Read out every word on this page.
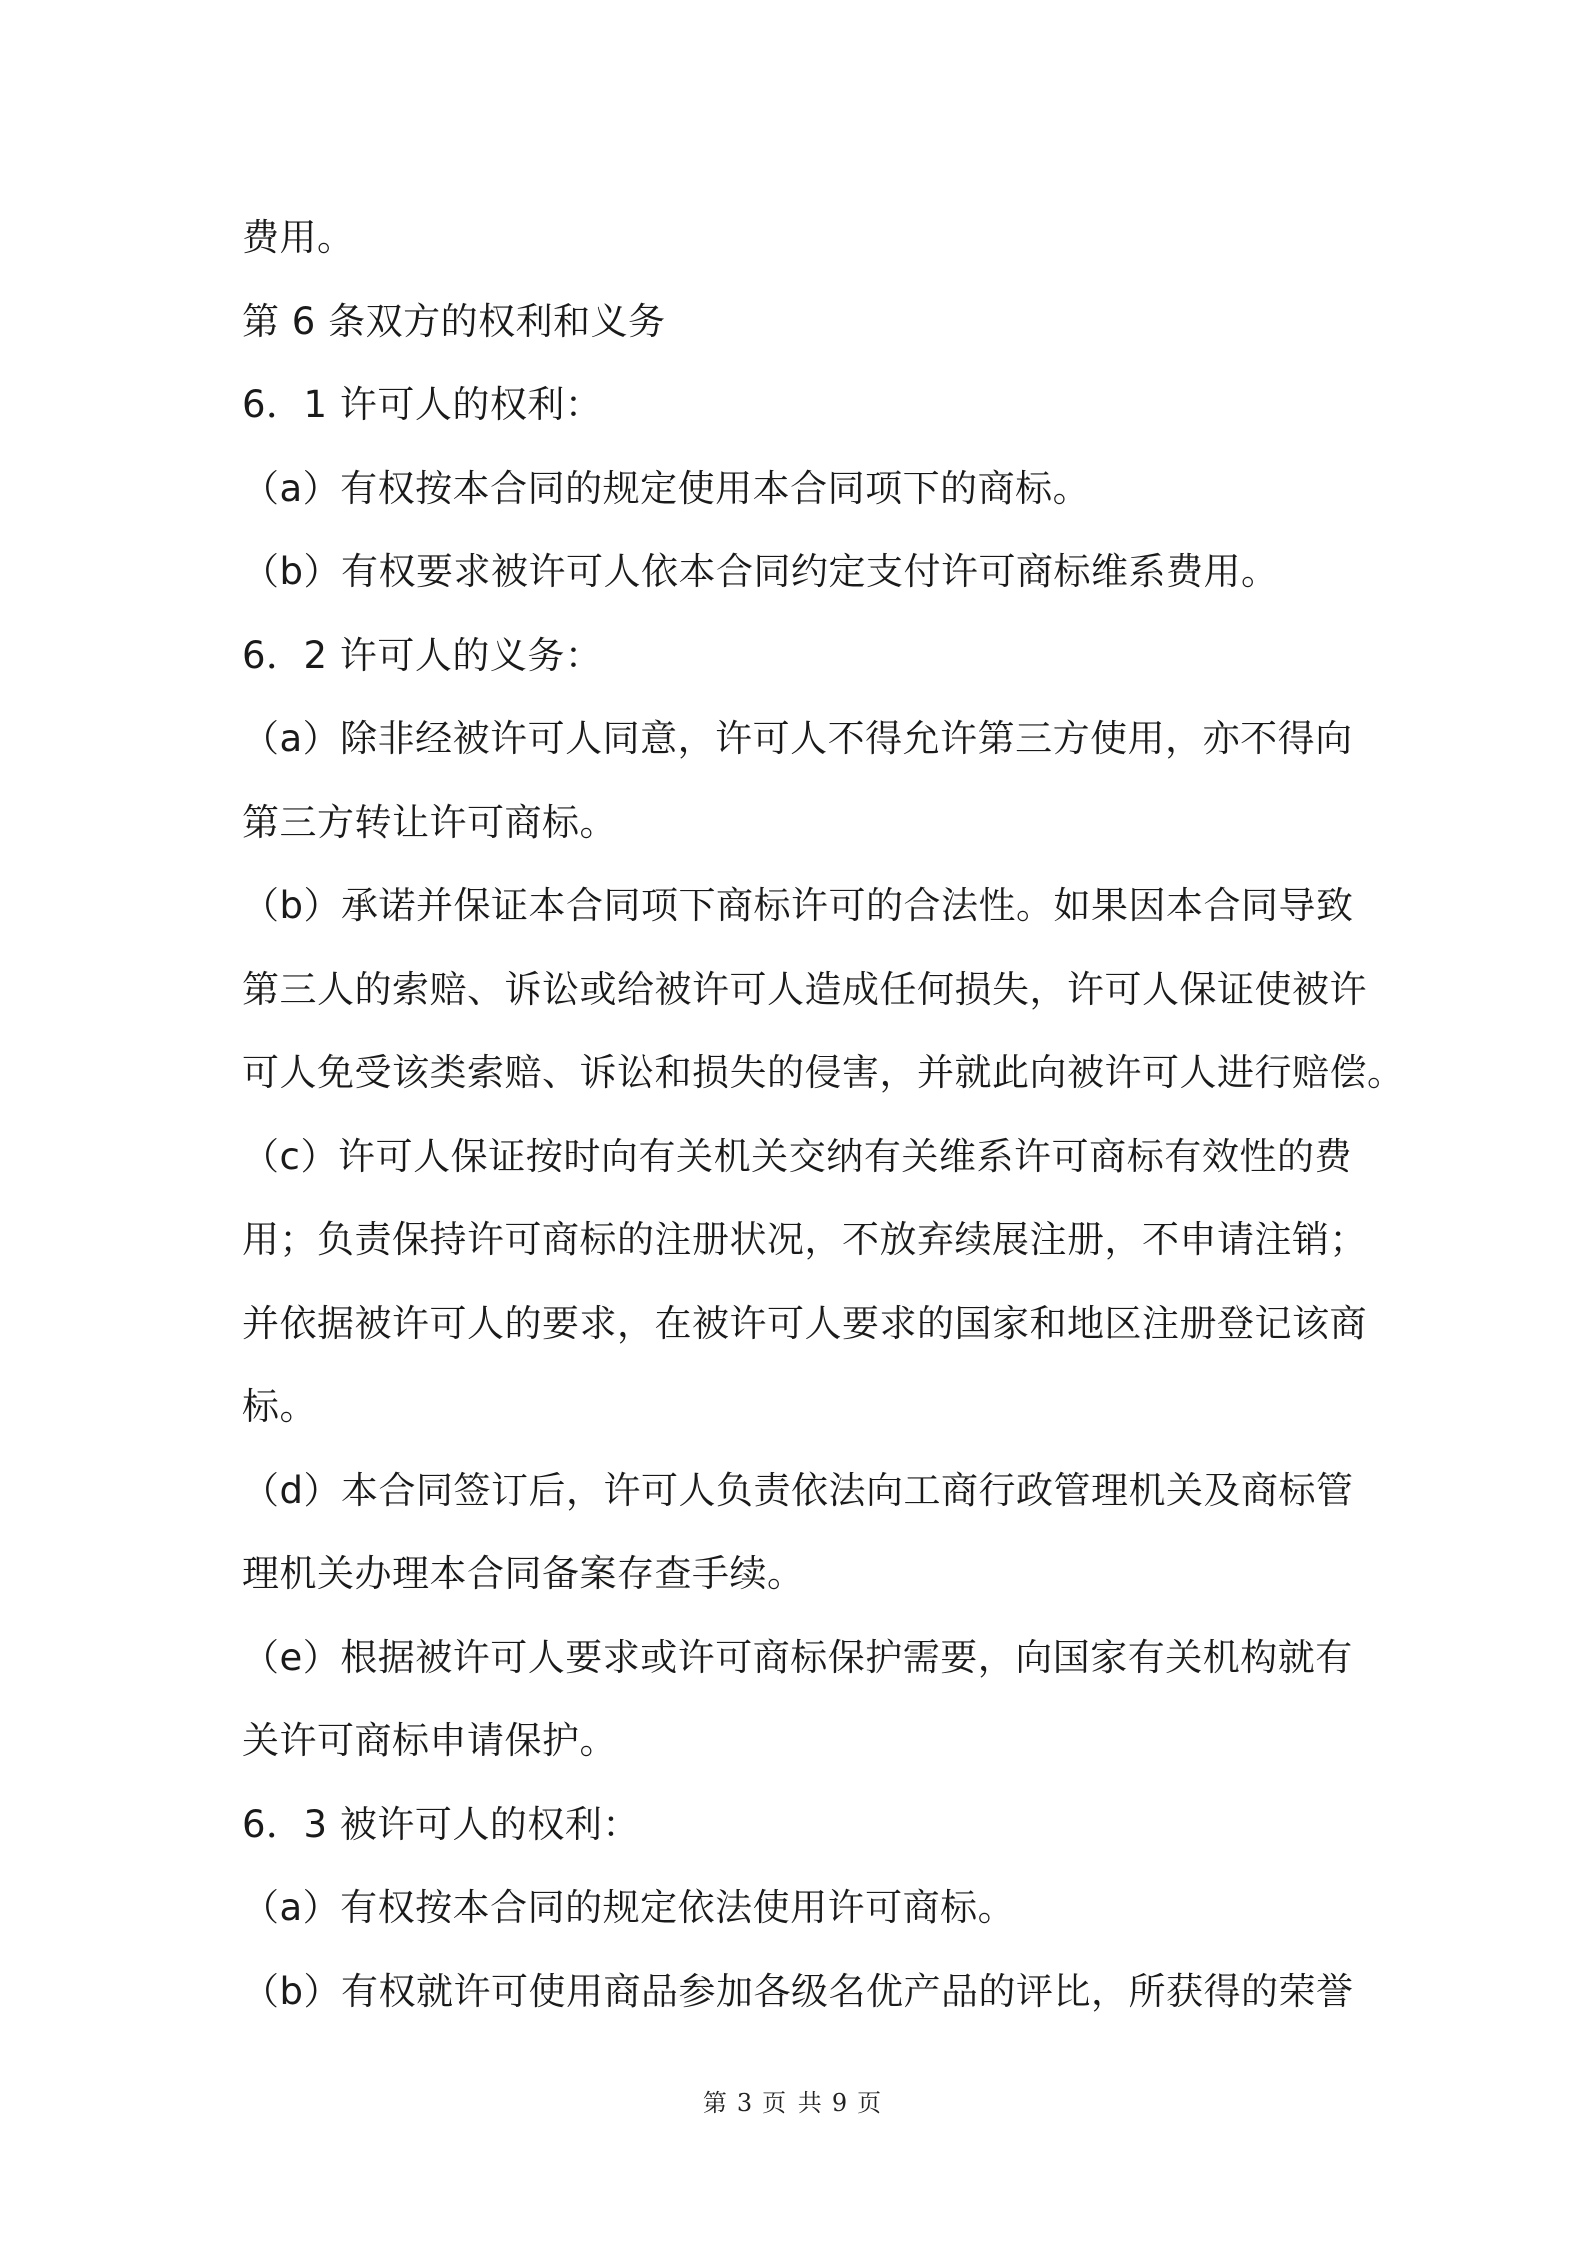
费用。
第 6 条双方的权利和义务
6．1 许可人的权利：
（a）有权按本合同的规定使用本合同项下的商标。
（b）有权要求被许可人依本合同约定支付许可商标维系费用。
6．2 许可人的义务：
（a）除非经被许可人同意，许可人不得允许第三方使用，亦不得向
第三方转让许可商标。
（b）承诺并保证本合同项下商标许可的合法性。如果因本合同导致
第三人的索赔、诉讼或给被许可人造成任何损失，许可人保证使被许
可人免受该类索赔、诉讼和损失的侵害，并就此向被许可人进行赔偿。
（c）许可人保证按时向有关机关交纳有关维系许可商标有效性的费
用；负责保持许可商标的注册状况，不放弃续展注册，不申请注销；
并依据被许可人的要求，在被许可人要求的国家和地区注册登记该商
标。
（d）本合同签订后，许可人负责依法向工商行政管理机关及商标管
理机关办理本合同备案存查手续。
（e）根据被许可人要求或许可商标保护需要，向国家有关机构就有
关许可商标申请保护。
6．3 被许可人的权利：
（a）有权按本合同的规定依法使用许可商标。
（b）有权就许可使用商品参加各级名优产品的评比，所获得的荣誉
第 3 页 共 9 页
